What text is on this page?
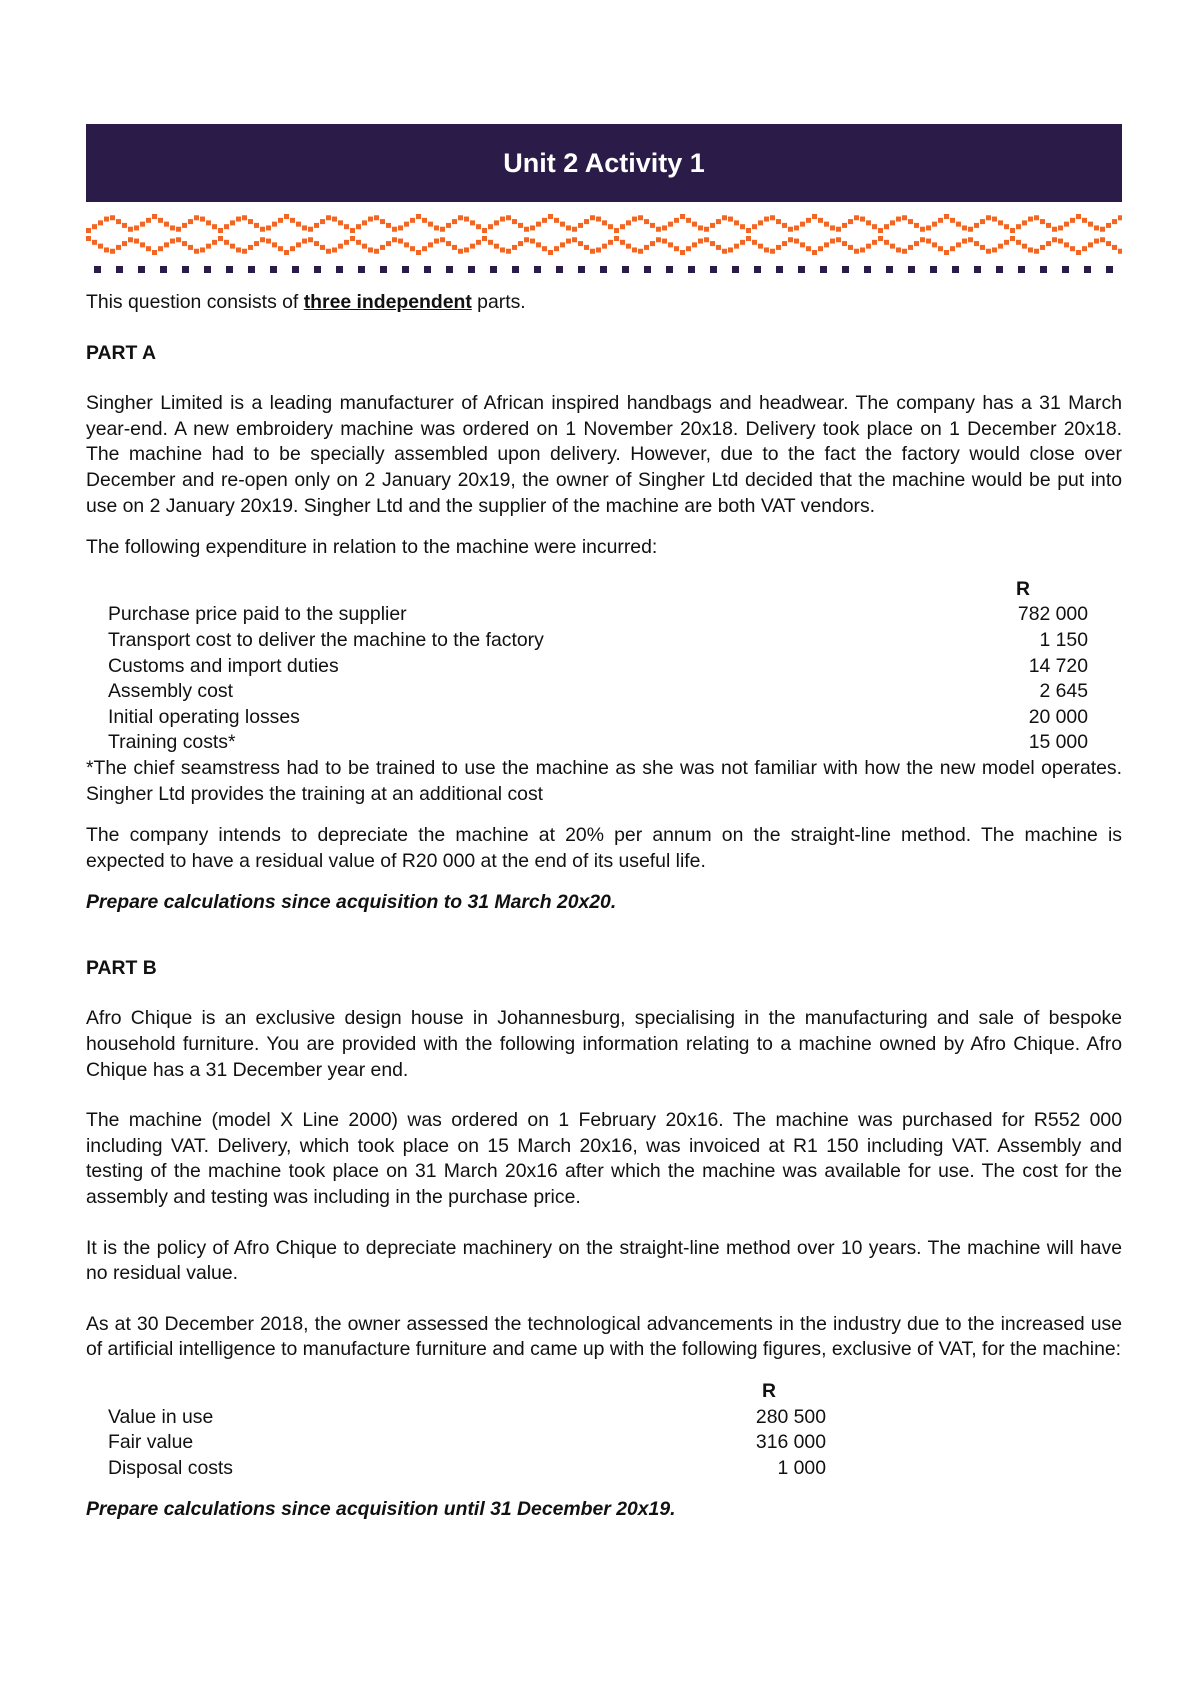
Unit 2 Activity 1

This question consists of three independent parts.

PART A

Singher Limited is a leading manufacturer of African inspired handbags and headwear. The company has a 31 March year-end. A new embroidery machine was ordered on 1 November 20x18. Delivery took place on 1 December 20x18. The machine had to be specially assembled upon delivery. However, due to the fact the factory would close over December and re-open only on 2 January 20x19, the owner of Singher Ltd decided that the machine would be put into use on 2 January 20x19. Singher Ltd and the supplier of the machine are both VAT vendors.

The following expenditure in relation to the machine were incurred:

R
Purchase price paid to the supplier	782 000
Transport cost to deliver the machine to the factory	1 150
Customs and import duties	14 720
Assembly cost	2 645
Initial operating losses	20 000
Training costs*	15 000

*The chief seamstress had to be trained to use the machine as she was not familiar with how the new model operates. Singher Ltd provides the training at an additional cost

The company intends to depreciate the machine at 20% per annum on the straight-line method. The machine is expected to have a residual value of R20 000 at the end of its useful life.

Prepare calculations since acquisition to 31 March 20x20.

PART B

Afro Chique is an exclusive design house in Johannesburg, specialising in the manufacturing and sale of bespoke household furniture. You are provided with the following information relating to a machine owned by Afro Chique. Afro Chique has a 31 December year end.

The machine (model X Line 2000) was ordered on 1 February 20x16. The machine was purchased for R552 000 including VAT. Delivery, which took place on 15 March 20x16, was invoiced at R1 150 including VAT. Assembly and testing of the machine took place on 31 March 20x16 after which the machine was available for use. The cost for the assembly and testing was including in the purchase price.

It is the policy of Afro Chique to depreciate machinery on the straight-line method over 10 years. The machine will have no residual value.

As at 30 December 2018, the owner assessed the technological advancements in the industry due to the increased use of artificial intelligence to manufacture furniture and came up with the following figures, exclusive of VAT, for the machine:

R
Value in use	280 500
Fair value	316 000
Disposal costs	1 000

Prepare calculations since acquisition until 31 December 20x19.
